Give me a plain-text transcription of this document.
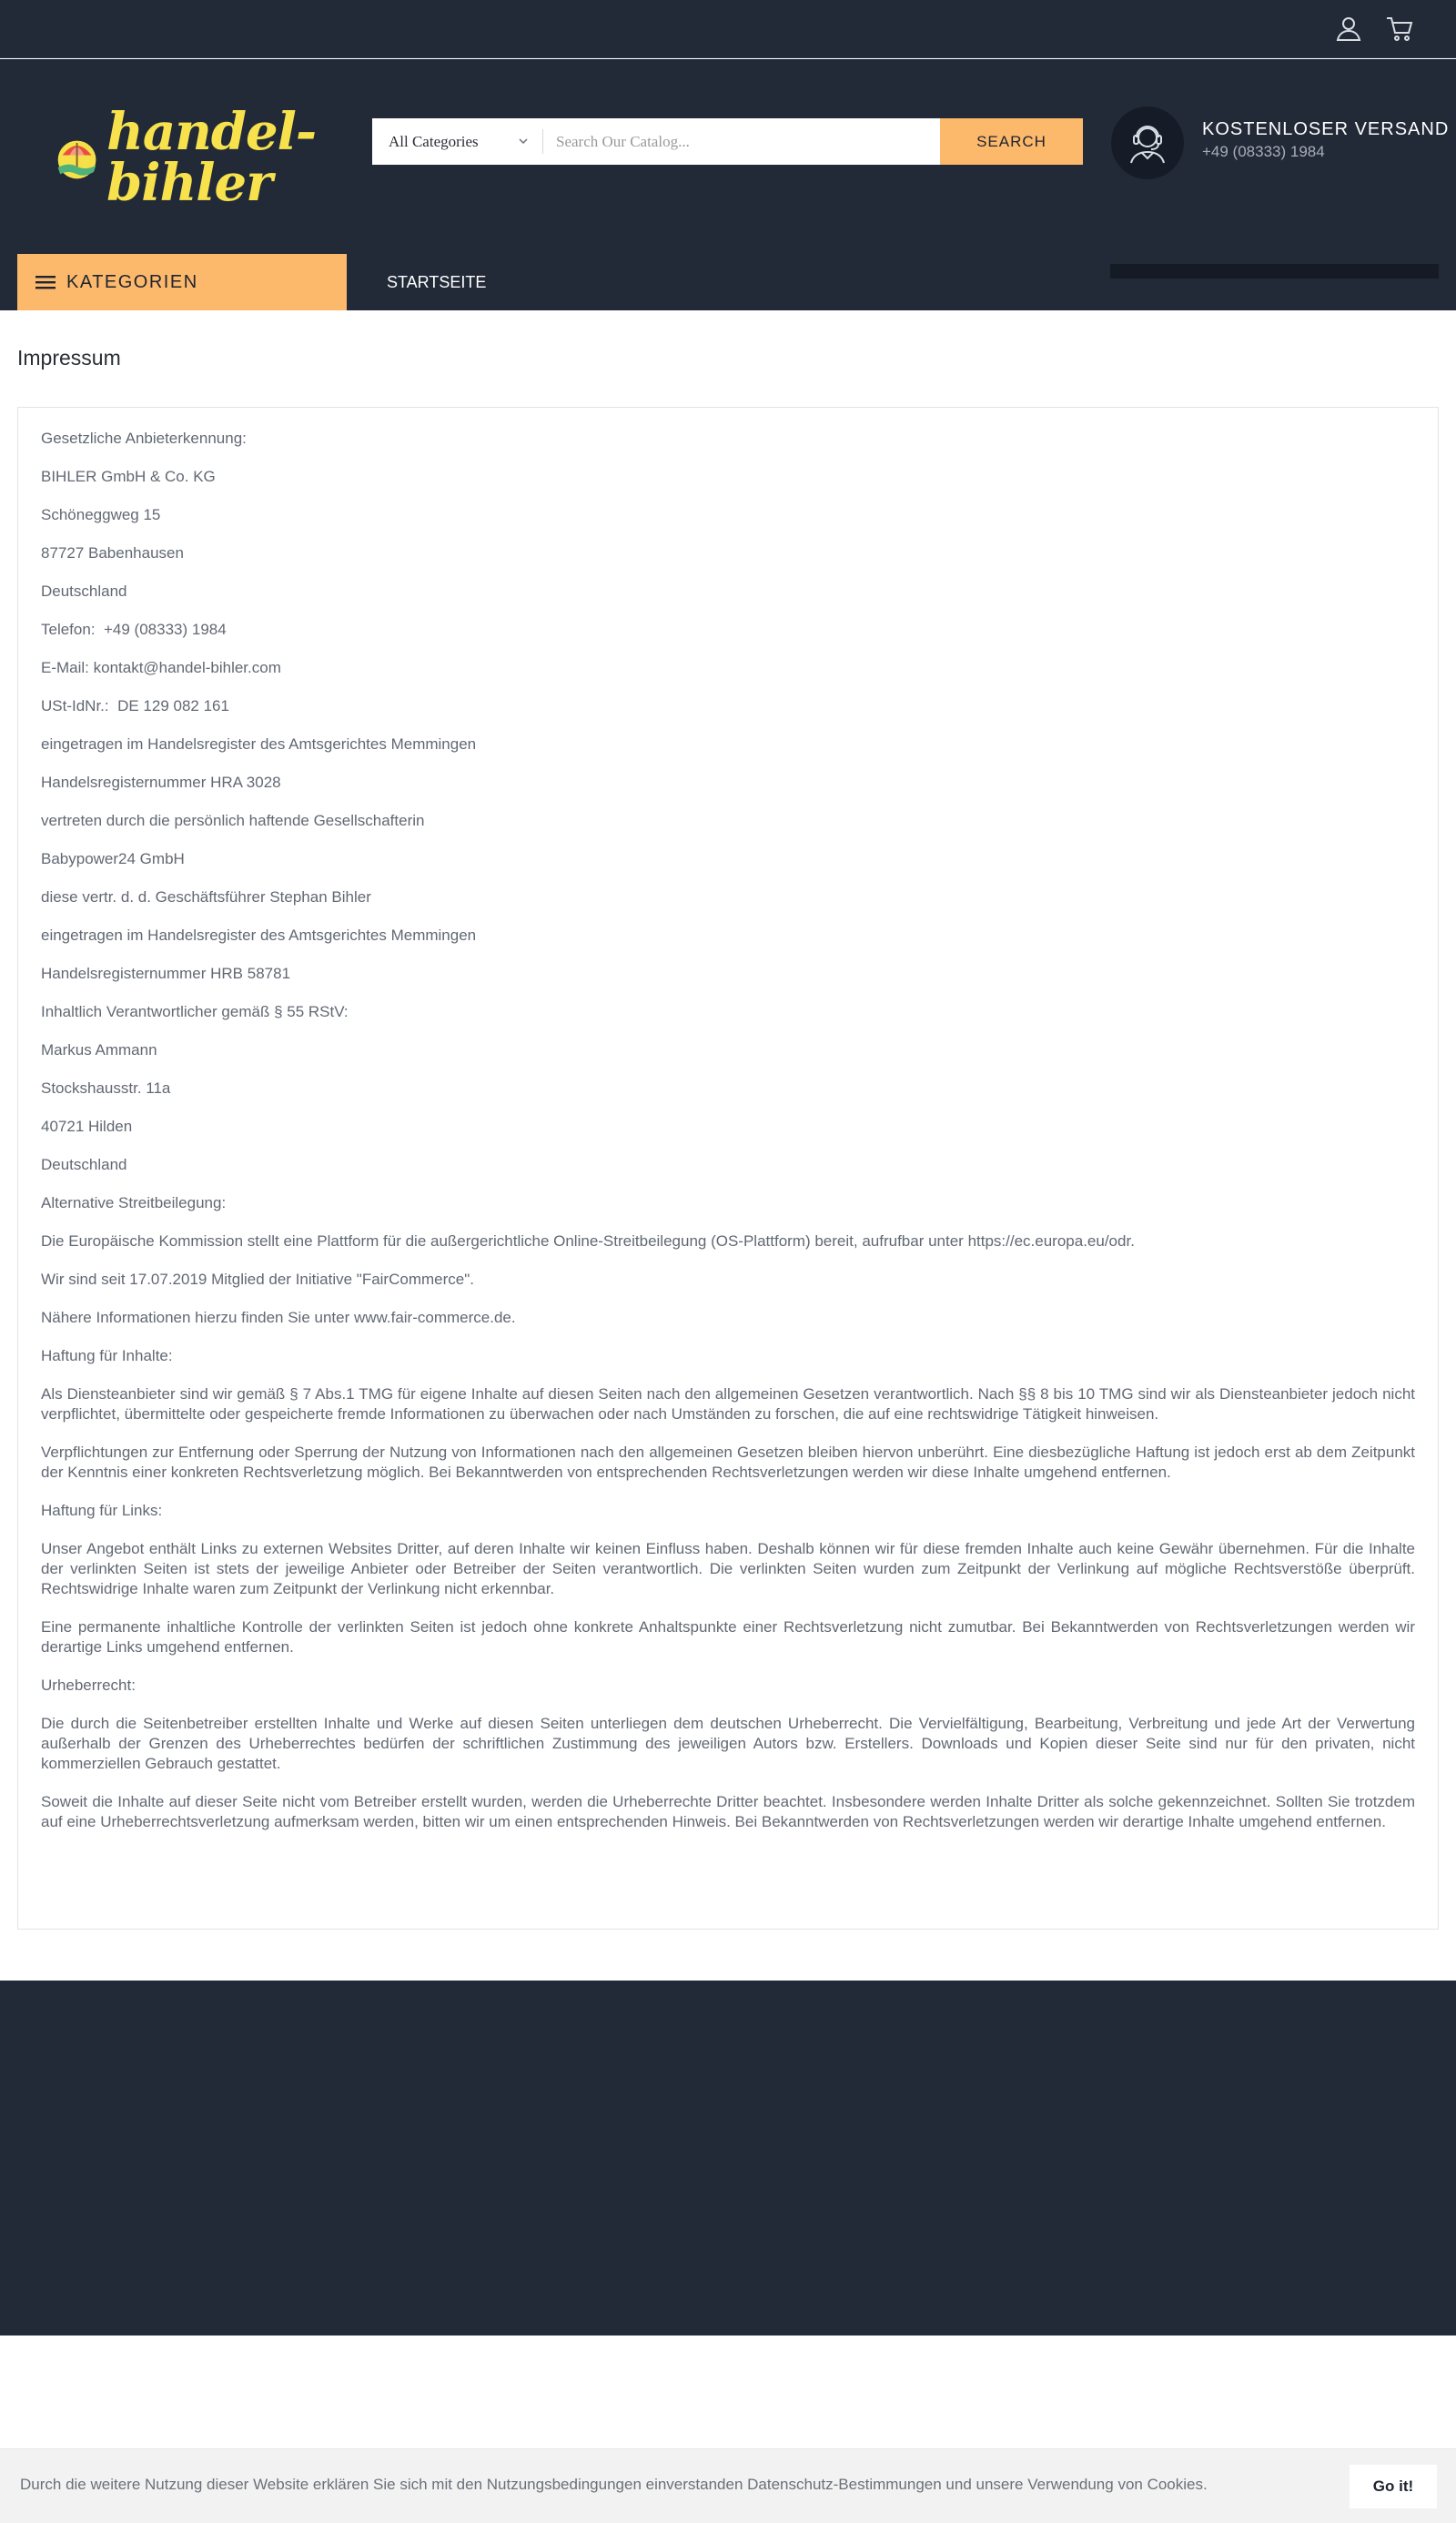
handel-bihler
All Categories
Search Our Catalog...	SEARCH
KOSTENLOSER VERSAND
+49 (08333) 1984
KATEGORIEN	STARTSEITE
Impressum

Gesetzliche Anbieterkennung:

BIHLER GmbH & Co. KG

Schöneggweg 15

87727 Babenhausen

Deutschland

Telefon:  +49 (08333) 1984

E-Mail: kontakt@handel-bihler.com

USt-IdNr.:  DE 129 082 161

eingetragen im Handelsregister des Amtsgerichtes Memmingen

Handelsregisternummer HRA 3028

vertreten durch die persönlich haftende Gesellschafterin

Babypower24 GmbH

diese vertr. d. d. Geschäftsführer Stephan Bihler

eingetragen im Handelsregister des Amtsgerichtes Memmingen

Handelsregisternummer HRB 58781

Inhaltlich Verantwortlicher gemäß § 55 RStV:

Markus Ammann

Stockshausstr. 11a

40721 Hilden

Deutschland

Alternative Streitbeilegung:

Die Europäische Kommission stellt eine Plattform für die außergerichtliche Online-Streitbeilegung (OS-Plattform) bereit, aufrufbar unter https://ec.europa.eu/odr.

Wir sind seit 17.07.2019 Mitglied der Initiative "FairCommerce".

Nähere Informationen hierzu finden Sie unter www.fair-commerce.de.

Haftung für Inhalte:

Als Diensteanbieter sind wir gemäß § 7 Abs.1 TMG für eigene Inhalte auf diesen Seiten nach den allgemeinen Gesetzen verantwortlich. Nach §§ 8 bis 10 TMG sind wir als Diensteanbieter jedoch nicht verpflichtet, übermittelte oder gespeicherte fremde Informationen zu überwachen oder nach Umständen zu forschen, die auf eine rechtswidrige Tätigkeit hinweisen.

Verpflichtungen zur Entfernung oder Sperrung der Nutzung von Informationen nach den allgemeinen Gesetzen bleiben hiervon unberührt. Eine diesbezügliche Haftung ist jedoch erst ab dem Zeitpunkt der Kenntnis einer konkreten Rechtsverletzung möglich. Bei Bekanntwerden von entsprechenden Rechtsverletzungen werden wir diese Inhalte umgehend entfernen.

Haftung für Links:

Unser Angebot enthält Links zu externen Websites Dritter, auf deren Inhalte wir keinen Einfluss haben. Deshalb können wir für diese fremden Inhalte auch keine Gewähr übernehmen. Für die Inhalte der verlinkten Seiten ist stets der jeweilige Anbieter oder Betreiber der Seiten verantwortlich. Die verlinkten Seiten wurden zum Zeitpunkt der Verlinkung auf mögliche Rechtsverstöße überprüft. Rechtswidrige Inhalte waren zum Zeitpunkt der Verlinkung nicht erkennbar.

Eine permanente inhaltliche Kontrolle der verlinkten Seiten ist jedoch ohne konkrete Anhaltspunkte einer Rechtsverletzung nicht zumutbar. Bei Bekanntwerden von Rechtsverletzungen werden wir derartige Links umgehend entfernen.

Urheberrecht:

Die durch die Seitenbetreiber erstellten Inhalte und Werke auf diesen Seiten unterliegen dem deutschen Urheberrecht. Die Vervielfältigung, Bearbeitung, Verbreitung und jede Art der Verwertung außerhalb der Grenzen des Urheberrechtes bedürfen der schriftlichen Zustimmung des jeweiligen Autors bzw. Erstellers. Downloads und Kopien dieser Seite sind nur für den privaten, nicht kommerziellen Gebrauch gestattet.

Soweit die Inhalte auf dieser Seite nicht vom Betreiber erstellt wurden, werden die Urheberrechte Dritter beachtet. Insbesondere werden Inhalte Dritter als solche gekennzeichnet. Sollten Sie trotzdem auf eine Urheberrechtsverletzung aufmerksam werden, bitten wir um einen entsprechenden Hinweis. Bei Bekanntwerden von Rechtsverletzungen werden wir derartige Inhalte umgehend entfernen.

Durch die weitere Nutzung dieser Website erklären Sie sich mit den Nutzungsbedingungen einverstanden Datenschutz-Bestimmungen und unsere Verwendung von Cookies.	Go it!
